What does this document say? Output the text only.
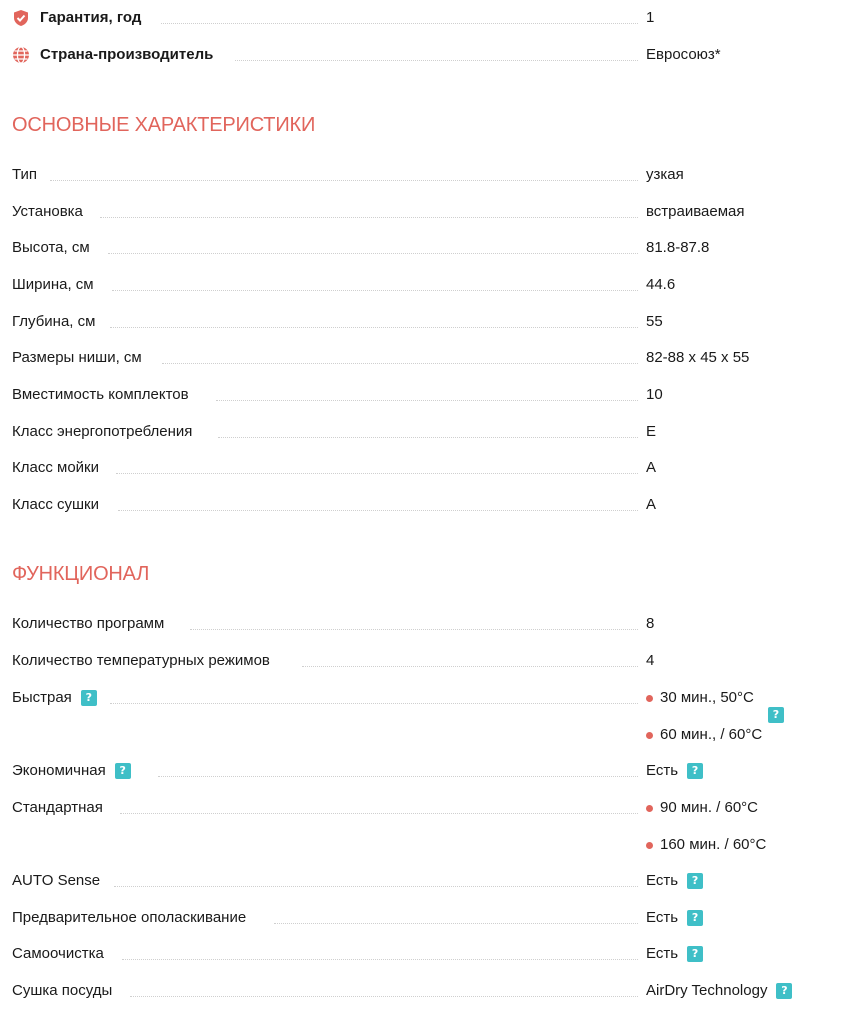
Гарантия, год	1
Страна-производитель	Евросоюз*
ОСНОВНЫЕ ХАРАКТЕРИСТИКИ
Тип	узкая
Установка	встраиваемая
Высота, см	81.8-87.8
Ширина, см	44.6
Глубина, см	55
Размеры ниши, см	82-88 x 45 x 55
Вместимость комплектов	10
Класс энергопотребления	E
Класс мойки	A
Класс сушки	A
ФУНКЦИОНАЛ
Количество программ	8
Количество температурных режимов	4
Быстрая	?	30 мин., 50°C
60 мин., / 60°C
?
Экономичная	?	Есть	?
Стандартная	90 мин. / 60°C
160 мин. / 60°C
AUTO Sense	Есть	?
Предварительное ополаскивание	Есть	?
Самоочистка	Есть	?
Сушка посуды	AirDry Technology	?
